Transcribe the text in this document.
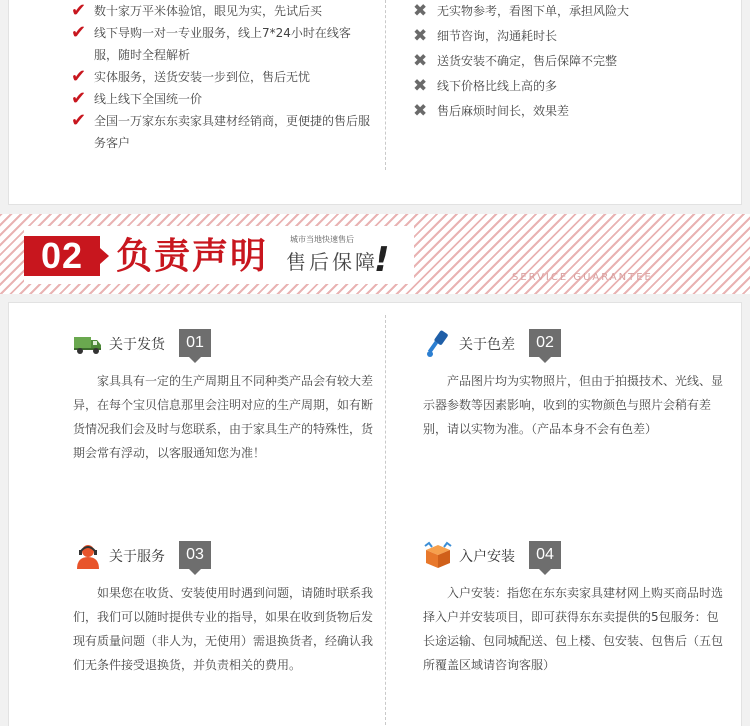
✔ 数十家万平米体验馆，眼见为实，先试后买
✔ 线下导购一对一专业服务，线上7*24小时在线客服，随时全程解析
✔ 实体服务，送货安装一步到位，售后无忧
✔ 线上线下全国统一价
✔ 全国一万家东东卖家具建材经销商，更便捷的售后服务客户
✖ 无实物参考，看图下单，承担风险大
✖ 细节咨询，沟通耗时长
✖ 送货安装不确定，售后保障不完整
✖ 线下价格比线上高的多
✖ 售后麻烦时间长，效果差
02 负责声明	城市当地快速售后
售后保障
!	SERVICE GUARANTEE
关于发货	01
家具具有一定的生产周期且不同种类产品会有较大差异，在每个宝贝信息那里会注明对应的生产周期，如有断货情况我们会及时与您联系，由于家具生产的特殊性，货期会常有浮动，以客服通知您为准！
关于色差	02
产品图片均为实物照片，但由于拍摄技术、光线、显示器参数等因素影响，收到的实物颜色与照片会稍有差别，请以实物为准。（产品本身不会有色差）
关于服务	03
如果您在收货、安装使用时遇到问题，请随时联系我们，我们可以随时提供专业的指导，如果在收到货物后发现有质量问题（非人为，无使用）需退换货者，经确认我们无条件接受退换货，并负责相关的费用。
入户安装	04
入户安装：指您在东东卖家具建材网上购买商品时选择入户并安装项目，即可获得东东卖提供的5包服务：包长途运输、包同城配送、包上楼、包安装、包售后（五包所覆盖区域请咨询客服）
